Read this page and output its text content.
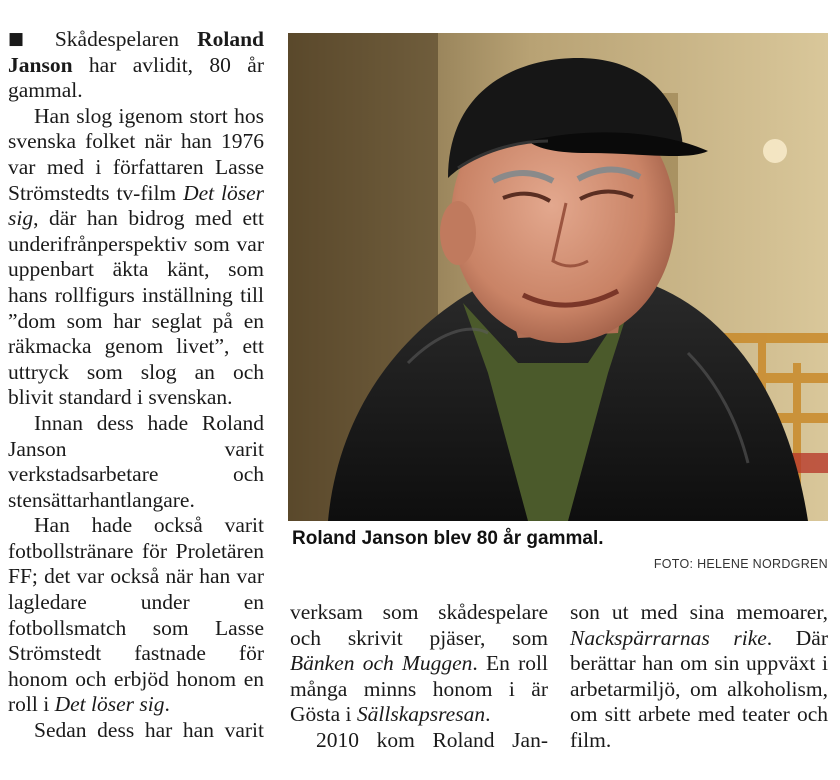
■ Skådespelaren Roland Janson har avlidit, 80 år gammal.

Han slog igenom stort hos svenska folket när han 1976 var med i författaren Lasse Strömstedts tv-film Det löser sig, där han bidrog med ett underifrånperspektiv som var uppenbart äkta känt, som hans rollfigurs inställning till ”dom som har seglat på en räkmacka genom livet”, ett uttryck som slog an och blivit standard i svenskan.

Innan dess hade Roland Janson varit verkstadsarbetare och stensättarhantlangare.

Han hade också varit fotbollstränare för Proletären FF; det var också när han var lagledare under en fotbollsmatch som Lasse Strömstedt fastnade för honom och erbjöd honom en roll i Det löser sig.

Sedan dess har han varit

Roland Janson blev 80 år gammal.
FOTO: HELENE NORDGREN

verksam som skådespelare och skrivit pjäser, som Bänken och Muggen. En roll många minns honom i är Gösta i Sällskapsresan.

2010 kom Roland Jan-

son ut med sina memoarer, Nackspärrarnas rike. Där berättar han om sin uppväxt i arbetarmiljö, om alkoholism, om sitt arbete med teater och film.
